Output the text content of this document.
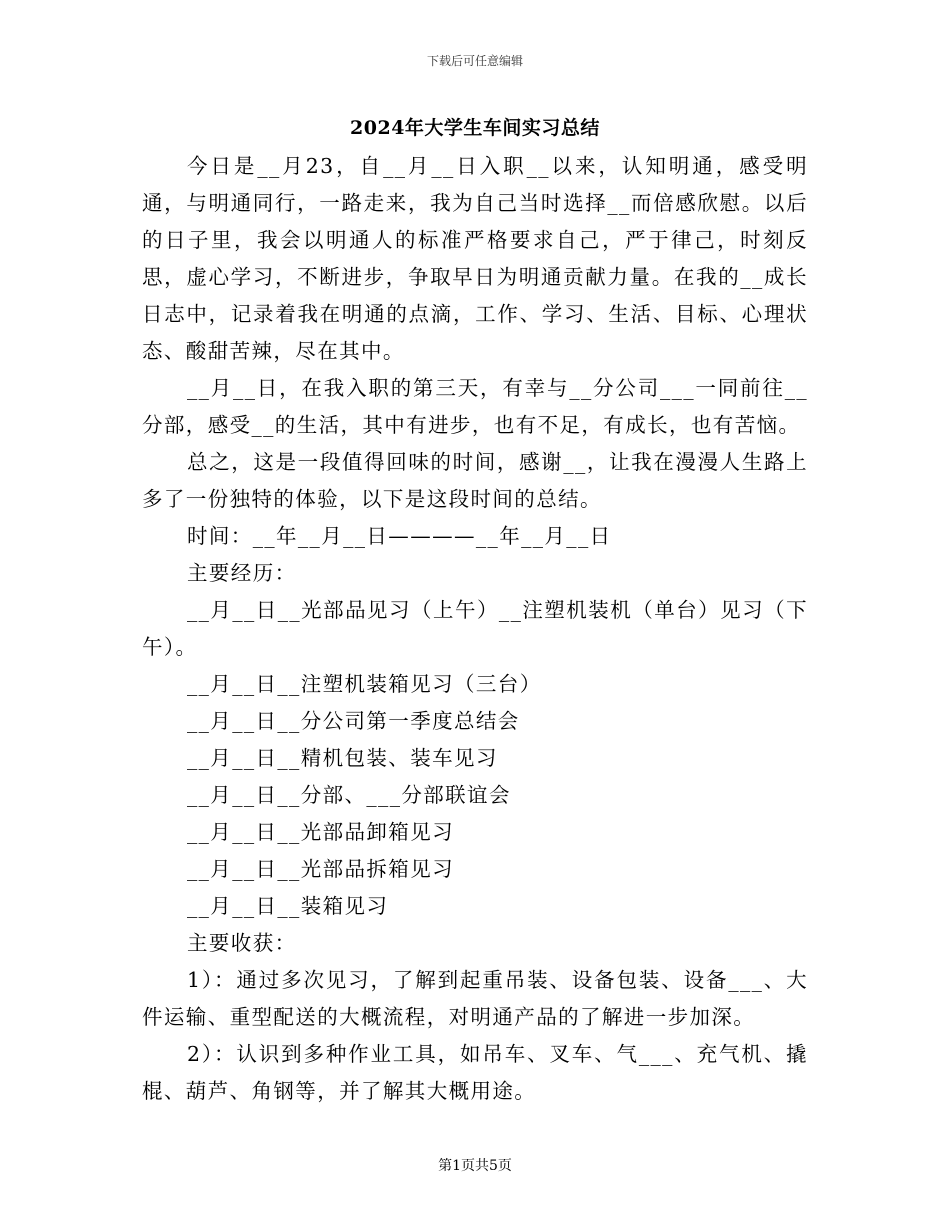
下载后可任意编辑
2024年大学生车间实习总结

今日是__月23，自__月__日入职__以来，认知明通，感受明通，与明通同行，一路走来，我为自己当时选择__而倍感欣慰。以后的日子里，我会以明通人的标准严格要求自己，严于律己，时刻反思，虚心学习，不断进步，争取早日为明通贡献力量。在我的__成长日志中，记录着我在明通的点滴，工作、学习、生活、目标、心理状态、酸甜苦辣，尽在其中。

__月__日，在我入职的第三天，有幸与__分公司___一同前往__分部，感受__的生活，其中有进步，也有不足，有成长，也有苦恼。

总之，这是一段值得回味的时间，感谢__，让我在漫漫人生路上多了一份独特的体验，以下是这段时间的总结。

时间：__年__月__日————__年__月__日

主要经历：

__月__日__光部品见习（上午）__注塑机装机（单台）见习（下午）。

__月__日__注塑机装箱见习（三台）

__月__日__分公司第一季度总结会

__月__日__精机包装、装车见习

__月__日__分部、___分部联谊会

__月__日__光部品卸箱见习

__月__日__光部品拆箱见习

__月__日__装箱见习

主要收获：

1）：通过多次见习，了解到起重吊装、设备包装、设备___、大件运输、重型配送的大概流程，对明通产品的了解进一步加深。

2）：认识到多种作业工具，如吊车、叉车、气___、充气机、撬棍、葫芦、角钢等，并了解其大概用途。

第1页共5页
